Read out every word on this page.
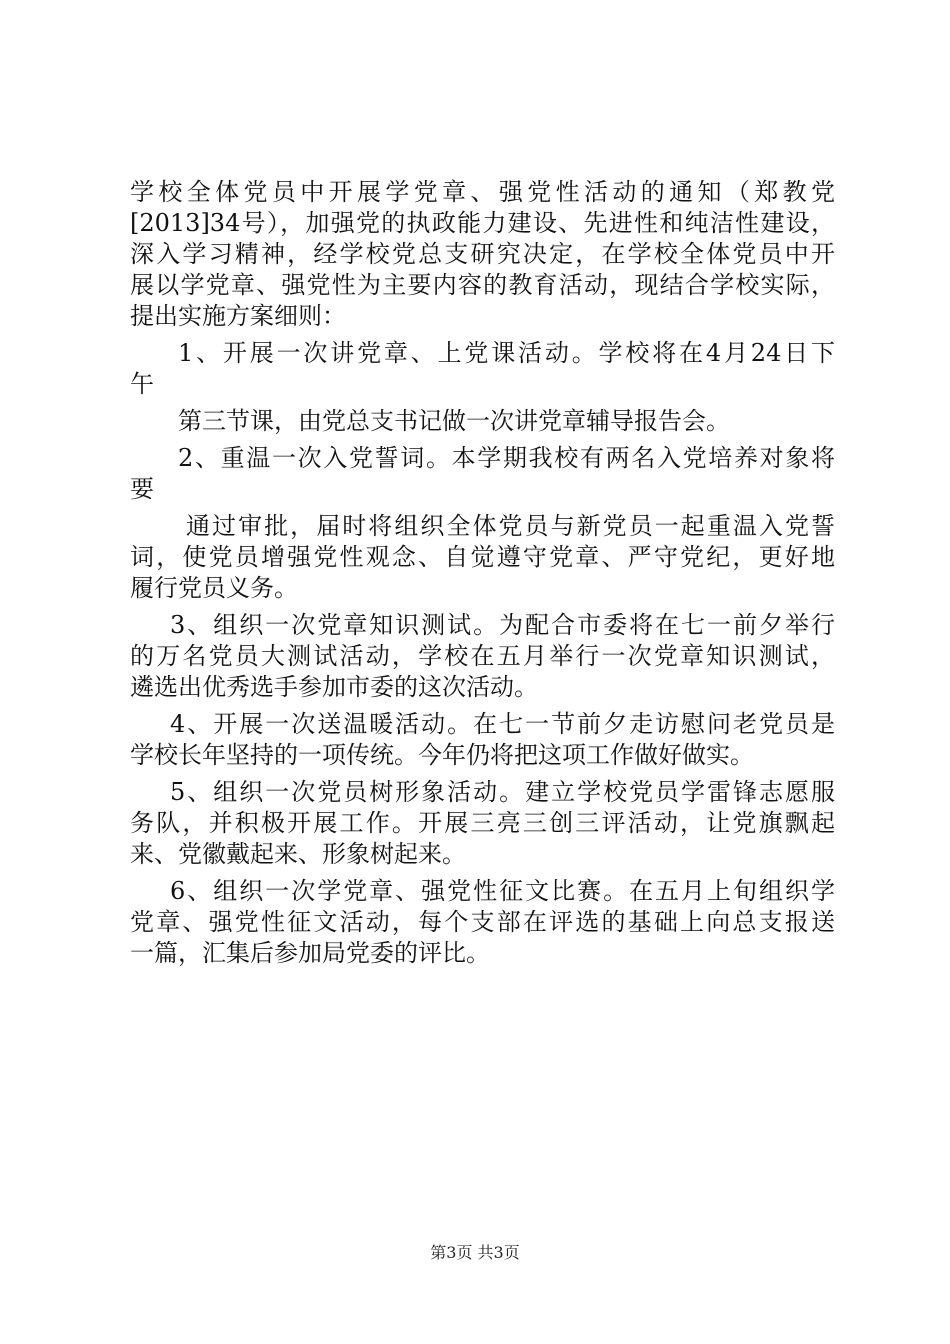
学校全体党员中开展学党章、强党性活动的通知（郑教党
[2013]34号），加强党的执政能力建设、先进性和纯洁性建设，
深入学习精神，经学校党总支研究决定，在学校全体党员中开
展以学党章、强党性为主要内容的教育活动，现结合学校实际，
提出实施方案细则：
1、开展一次讲党章、上党课活动。学校将在4月24日下
午
第三节课，由党总支书记做一次讲党章辅导报告会。
2、重温一次入党誓词。本学期我校有两名入党培养对象将
要
通过审批，届时将组织全体党员与新党员一起重温入党誓
词，使党员增强党性观念、自觉遵守党章、严守党纪，更好地
履行党员义务。
3、组织一次党章知识测试。为配合市委将在七一前夕举行
的万名党员大测试活动，学校在五月举行一次党章知识测试，
遴选出优秀选手参加市委的这次活动。
4、开展一次送温暖活动。在七一节前夕走访慰问老党员是
学校长年坚持的一项传统。今年仍将把这项工作做好做实。
5、组织一次党员树形象活动。建立学校党员学雷锋志愿服
务队，并积极开展工作。开展三亮三创三评活动，让党旗飘起
来、党徽戴起来、形象树起来。
6、组织一次学党章、强党性征文比赛。在五月上旬组织学
党章、强党性征文活动，每个支部在评选的基础上向总支报送
一篇，汇集后参加局党委的评比。
第3页 共3页
